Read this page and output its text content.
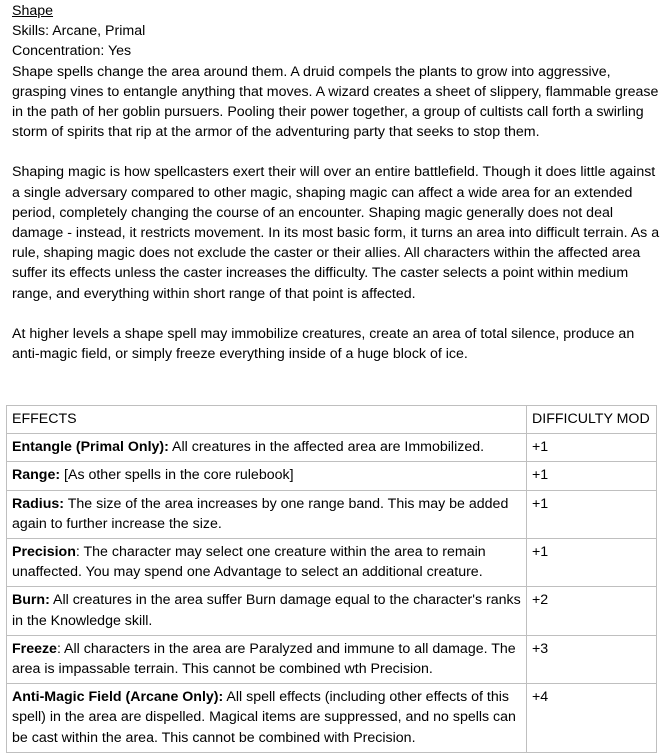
Shape
Skills: Arcane, Primal
Concentration: Yes

Shape spells change the area around them. A druid compels the plants to grow into aggressive, grasping vines to entangle anything that moves. A wizard creates a sheet of slippery, flammable grease in the path of her goblin pursuers. Pooling their power together, a group of cultists call forth a swirling storm of spirits that rip at the armor of the adventuring party that seeks to stop them.

Shaping magic is how spellcasters exert their will over an entire battlefield. Though it does little against a single adversary compared to other magic, shaping magic can affect a wide area for an extended period, completely changing the course of an encounter. Shaping magic generally does not deal damage - instead, it restricts movement. In its most basic form, it turns an area into difficult terrain. As a rule, shaping magic does not exclude the caster or their allies. All characters within the affected area suffer its effects unless the caster increases the difficulty. The caster selects a point within medium range, and everything within short range of that point is affected.

At higher levels a shape spell may immobilize creatures, create an area of total silence, produce an anti-magic field, or simply freeze everything inside of a huge block of ice.

EFFECTS	DIFFICULTY MOD
Entangle (Primal Only): All creatures in the affected area are Immobilized.	+1
Range: [As other spells in the core rulebook]	+1
Radius: The size of the area increases by one range band. This may be added again to further increase the size.	+1
Precision: The character may select one creature within the area to remain unaffected. You may spend one Advantage to select an additional creature.	+1
Burn: All creatures in the area suffer Burn damage equal to the character's ranks in the Knowledge skill.	+2
Freeze: All characters in the area are Paralyzed and immune to all damage. The area is impassable terrain. This cannot be combined wth Precision.	+3
Anti-Magic Field (Arcane Only): All spell effects (including other effects of this spell) in the area are dispelled. Magical items are suppressed, and no spells can be cast within the area. This cannot be combined with Precision.	+4
